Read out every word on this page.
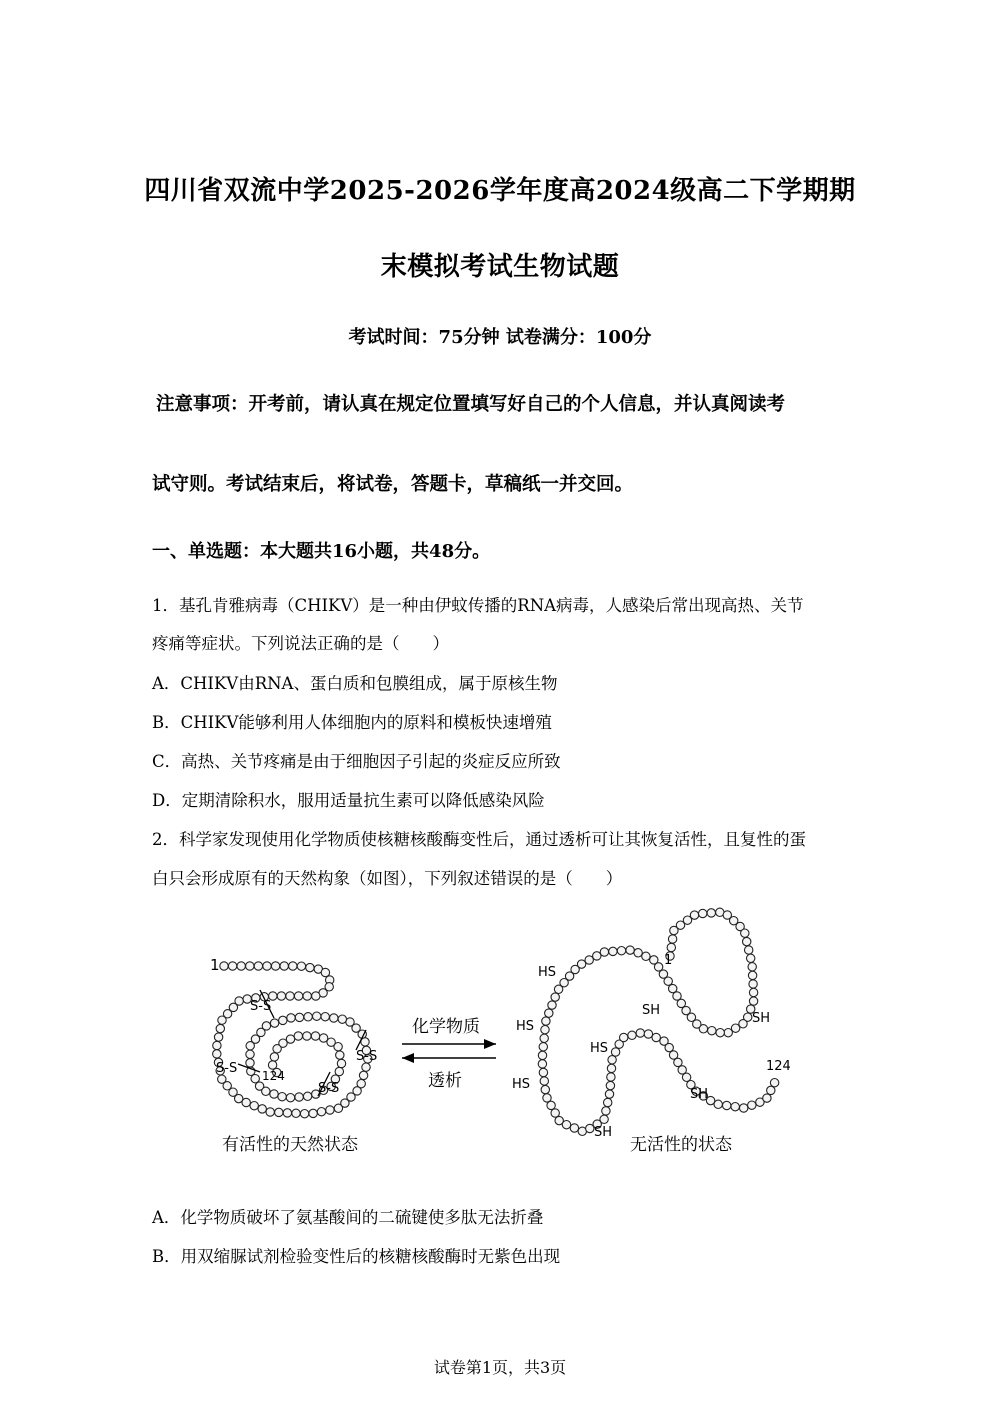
四川省双流中学2025-2026学年度高2024级高二下学期期
末模拟考试生物试题
考试时间：75分钟 试卷满分：100分
注意事项：开考前，请认真在规定位置填写好自己的个人信息，并认真阅读考
试守则。考试结束后，将试卷，答题卡，草稿纸一并交回。
一、单选题：本大题共16小题，共48分。
1．基孔肯雅病毒（CHIKV）是一种由伊蚊传播的RNA病毒，人感染后常出现高热、关节
疼痛等症状。下列说法正确的是（　　）
A．CHIKV由RNA、蛋白质和包膜组成，属于原核生物
B．CHIKV能够利用人体细胞内的原料和模板快速增殖
C．高热、关节疼痛是由于细胞因子引起的炎症反应所致
D．定期清除积水，服用适量抗生素可以降低感染风险
2．科学家发现使用化学物质使核糖核酸酶变性后，通过透析可让其恢复活性，且复性的蛋
白只会形成原有的天然构象（如图），下列叙述错误的是（　　）
1
S-S
S-S
S-S
S-S
124
有活性的天然状态
化学物质
透析
1
HS
HS
HS
HS
SH
SH
SH
SH
124
无活性的状态
A．化学物质破坏了氨基酸间的二硫键使多肽无法折叠
B．用双缩脲试剂检验变性后的核糖核酸酶时无紫色出现
试卷第1页，共3页
